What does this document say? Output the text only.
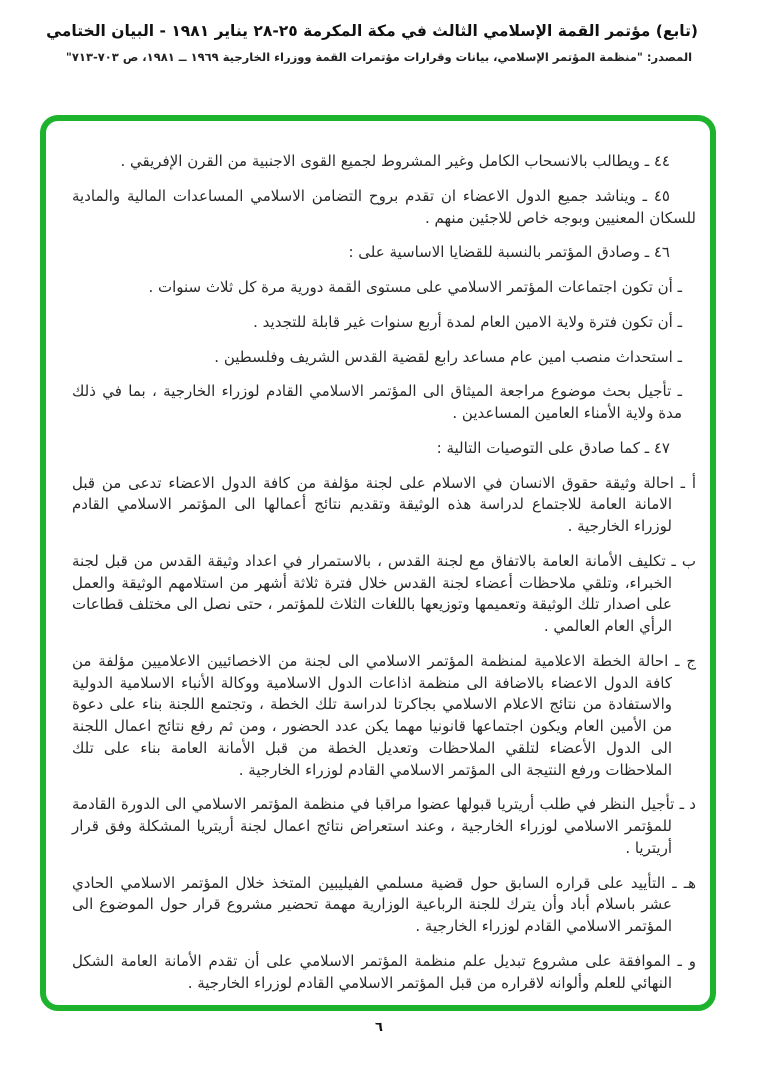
(تابع) مؤتمر القمة الإسلامي الثالث في مكة المكرمة ٢٥-٢٨ يناير ١٩٨١ - البيان الختامي
المصدر: "منظمة المؤتمر الإسلامي، بيانات وقرارات مؤتمرات القمة ووزراء الخارجية ١٩٦٩ ــ ١٩٨١، ص ٧٠٣-٧١٣"

٤٤ ـ ويطالب بالانسحاب الكامل وغير المشروط لجميع القوى الاجنبية من القرن الإفريقي .

٤٥ ـ ويناشد جميع الدول الاعضاء ان تقدم بروح التضامن الاسلامي المساعدات المالية والمادية للسكان المعنيين وبوجه خاص للاجئين منهم .

٤٦ ـ وصادق المؤتمر بالنسبة للقضايا الاساسية على :

ـ أن تكون اجتماعات المؤتمر الاسلامي على مستوى القمة دورية مرة كل ثلاث سنوات .

ـ أن تكون فترة ولاية الامين العام لمدة أربع سنوات غير قابلة للتجديد .

ـ استحداث منصب امين عام مساعد رابع لقضية القدس الشريف وفلسطين .

ـ تأجيل بحث موضوع مراجعة الميثاق الى المؤتمر الاسلامي القادم لوزراء الخارجية ، بما في ذلك مدة ولاية الأمناء العامين المساعدين .

٤٧ ـ كما صادق على التوصيات التالية :

أ ـ احالة وثيقة حقوق الانسان في الاسلام على لجنة مؤلفة من كافة الدول الاعضاء تدعى من قبل الامانة العامة للاجتماع لدراسة هذه الوثيقة وتقديم نتائج أعمالها الى المؤتمر الاسلامي القادم لوزراء الخارجية .

ب ـ تكليف الأمانة العامة بالاتفاق مع لجنة القدس ، بالاستمرار في اعداد وثيقة القدس من قبل لجنة الخبراء، وتلقي ملاحظات أعضاء لجنة القدس خلال فترة ثلاثة أشهر من استلامهم الوثيقة والعمل على اصدار تلك الوثيقة وتعميمها وتوزيعها باللغات الثلاث للمؤتمر ، حتى نصل الى مختلف قطاعات الرأي العام العالمي .

ج ـ احالة الخطة الاعلامية لمنظمة المؤتمر الاسلامي الى لجنة من الاخصائيين الاعلاميين مؤلفة من كافة الدول الاعضاء بالاضافة الى منظمة اذاعات الدول الاسلامية ووكالة الأنباء الاسلامية الدولية والاستفادة من نتائج الاعلام الاسلامي بجاكرتا لدراسة تلك الخطة ، وتجتمع اللجنة بناء على دعوة من الأمين العام ويكون اجتماعها قانونيا مهما يكن عدد الحضور ، ومن ثم رفع نتائج اعمال اللجنة الى الدول الأعضاء لتلقي الملاحظات وتعديل الخطة من قبل الأمانة العامة بناء على تلك الملاحظات ورفع النتيجة الى المؤتمر الاسلامي القادم لوزراء الخارجية .

د ـ تأجيل النظر في طلب أريتريا قبولها عضوا مراقبا في منظمة المؤتمر الاسلامي الى الدورة القادمة للمؤتمر الاسلامي لوزراء الخارجية ، وعند استعراض نتائج اعمال لجنة أريتريا المشكلة وفق قرار أريتريا .

هـ ـ التأييد على قراره السابق حول قضية مسلمي الفيليبين المتخذ خلال المؤتمر الاسلامي الحادي عشر باسلام أباد وأن يترك للجنة الرباعية الوزارية مهمة تحضير مشروع قرار حول الموضوع الى المؤتمر الاسلامي القادم لوزراء الخارجية .

و ـ الموافقة على مشروع تبديل علم منظمة المؤتمر الاسلامي على أن تقدم الأمانة العامة الشكل النهائي للعلم وألوانه لاقراره من قبل المؤتمر الاسلامي القادم لوزراء الخارجية .

٦
